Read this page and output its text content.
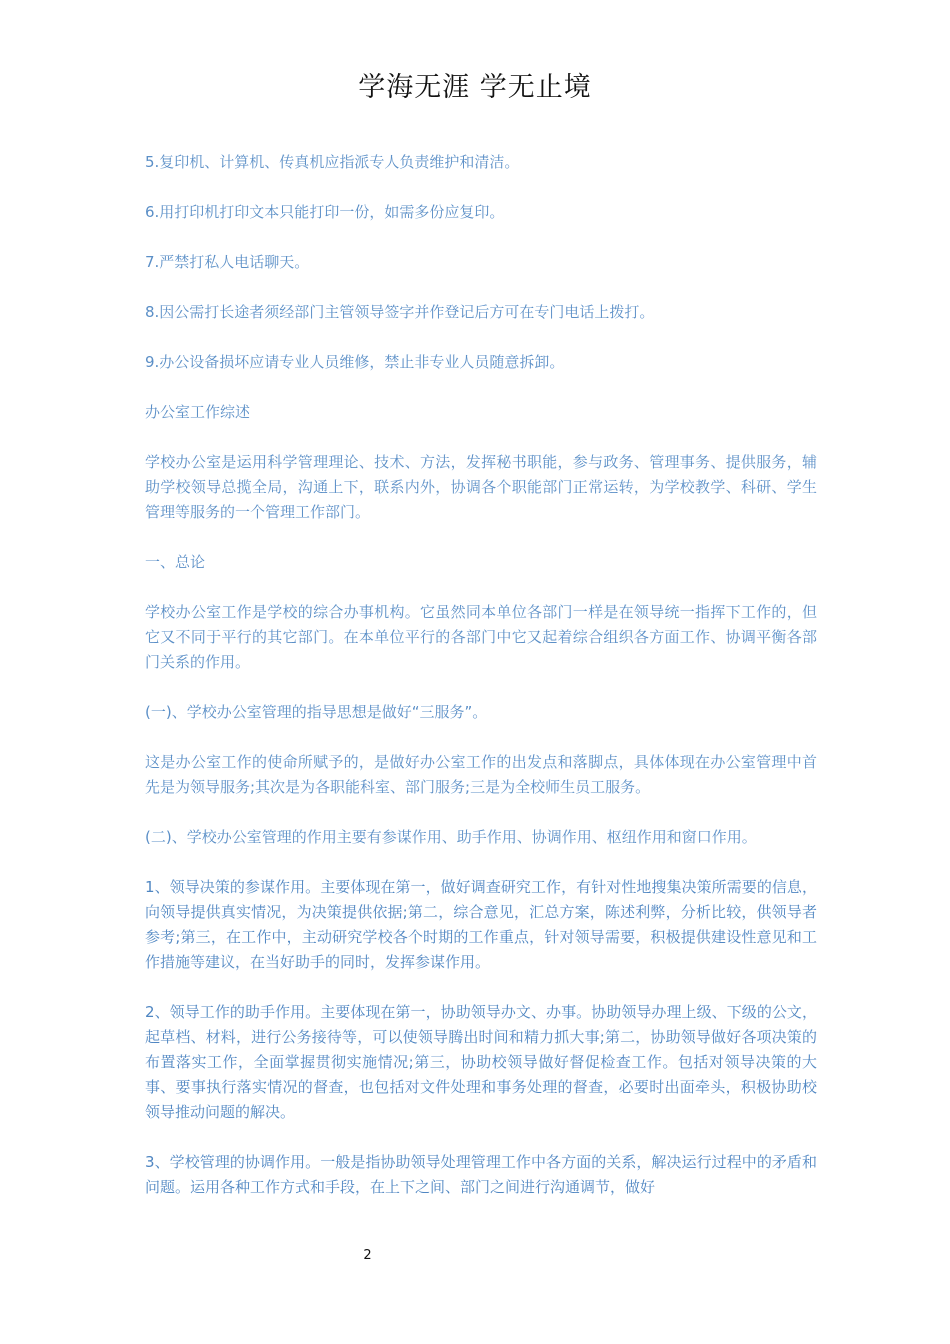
学海无涯 学无止境

5.复印机、计算机、传真机应指派专人负责维护和清洁。

6.用打印机打印文本只能打印一份，如需多份应复印。

7.严禁打私人电话聊天。

8.因公需打长途者须经部门主管领导签字并作登记后方可在专门电话上拨打。

9.办公设备损坏应请专业人员维修，禁止非专业人员随意拆卸。

办公室工作综述

学校办公室是运用科学管理理论、技术、方法，发挥秘书职能，参与政务、管理事务、提供服务，辅助学校领导总揽全局，沟通上下，联系内外，协调各个职能部门正常运转，为学校教学、科研、学生管理等服务的一个管理工作部门。

一、总论

学校办公室工作是学校的综合办事机构。它虽然同本单位各部门一样是在领导统一指挥下工作的，但它又不同于平行的其它部门。在本单位平行的各部门中它又起着综合组织各方面工作、协调平衡各部门关系的作用。

(一)、学校办公室管理的指导思想是做好“三服务”。

这是办公室工作的使命所赋予的，是做好办公室工作的出发点和落脚点，具体体现在办公室管理中首先是为领导服务;其次是为各职能科室、部门服务;三是为全校师生员工服务。

(二)、学校办公室管理的作用主要有参谋作用、助手作用、协调作用、枢纽作用和窗口作用。

1、领导决策的参谋作用。主要体现在第一，做好调查研究工作，有针对性地搜集决策所需要的信息，向领导提供真实情况，为决策提供依据;第二，综合意见，汇总方案，陈述利弊，分析比较，供领导者参考;第三，在工作中，主动研究学校各个时期的工作重点，针对领导需要，积极提供建设性意见和工作措施等建议，在当好助手的同时，发挥参谋作用。

2、领导工作的助手作用。主要体现在第一，协助领导办文、办事。协助领导办理上级、下级的公文，起草档、材料，进行公务接待等，可以使领导腾出时间和精力抓大事;第二，协助领导做好各项决策的布置落实工作，全面掌握贯彻实施情况;第三，协助校领导做好督促检查工作。包括对领导决策的大事、要事执行落实情况的督查，也包括对文件处理和事务处理的督查，必要时出面牵头，积极协助校领导推动问题的解决。

3、学校管理的协调作用。一般是指协助领导处理管理工作中各方面的关系，解决运行过程中的矛盾和问题。运用各种工作方式和手段，在上下之间、部门之间进行沟通调节，做好

2
